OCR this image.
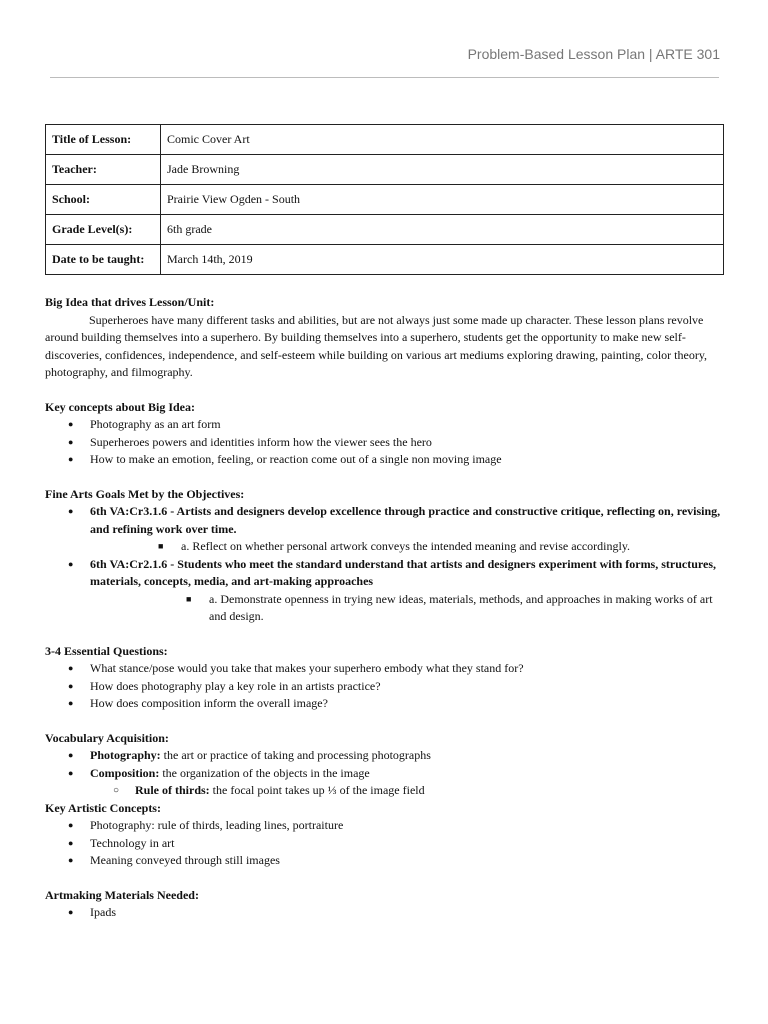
Problem-Based Lesson Plan | ARTE 301
Title of Lesson:	Comic Cover Art
Teacher:	Jade Browning
School:	Prairie View Ogden - South
Grade Level(s):	6th grade
Date to be taught:	March 14th, 2019
Big Idea that drives Lesson/Unit:
Superheroes have many different tasks and abilities, but are not always just some made up character. These lesson plans revolve around building themselves into a superhero. By building themselves into a superhero, students get the opportunity to make new self-discoveries, confidences, independence, and self-esteem while building on various art mediums exploring drawing, painting, color theory, photography, and filmography.
Key concepts about Big Idea:
● Photography as an art form
● Superheroes powers and identities inform how the viewer sees the hero
● How to make an emotion, feeling, or reaction come out of a single non moving image
Fine Arts Goals Met by the Objectives:
● 6th VA:Cr3.1.6 - Artists and designers develop excellence through practice and constructive critique, reflecting on, revising, and refining work over time.
■ a. Reflect on whether personal artwork conveys the intended meaning and revise accordingly.
● 6th VA:Cr2.1.6 - Students who meet the standard understand that artists and designers experiment with forms, structures, materials, concepts, media, and art-making approaches
■ a. Demonstrate openness in trying new ideas, materials, methods, and approaches in making works of art and design.
3-4 Essential Questions:
● What stance/pose would you take that makes your superhero embody what they stand for?
● How does photography play a key role in an artists practice?
● How does composition inform the overall image?
Vocabulary Acquisition:
● Photography: the art or practice of taking and processing photographs
● Composition: the organization of the objects in the image
○ Rule of thirds: the focal point takes up ⅓ of the image field
Key Artistic Concepts:
● Photography: rule of thirds, leading lines, portraiture
● Technology in art
● Meaning conveyed through still images
Artmaking Materials Needed:
● Ipads
